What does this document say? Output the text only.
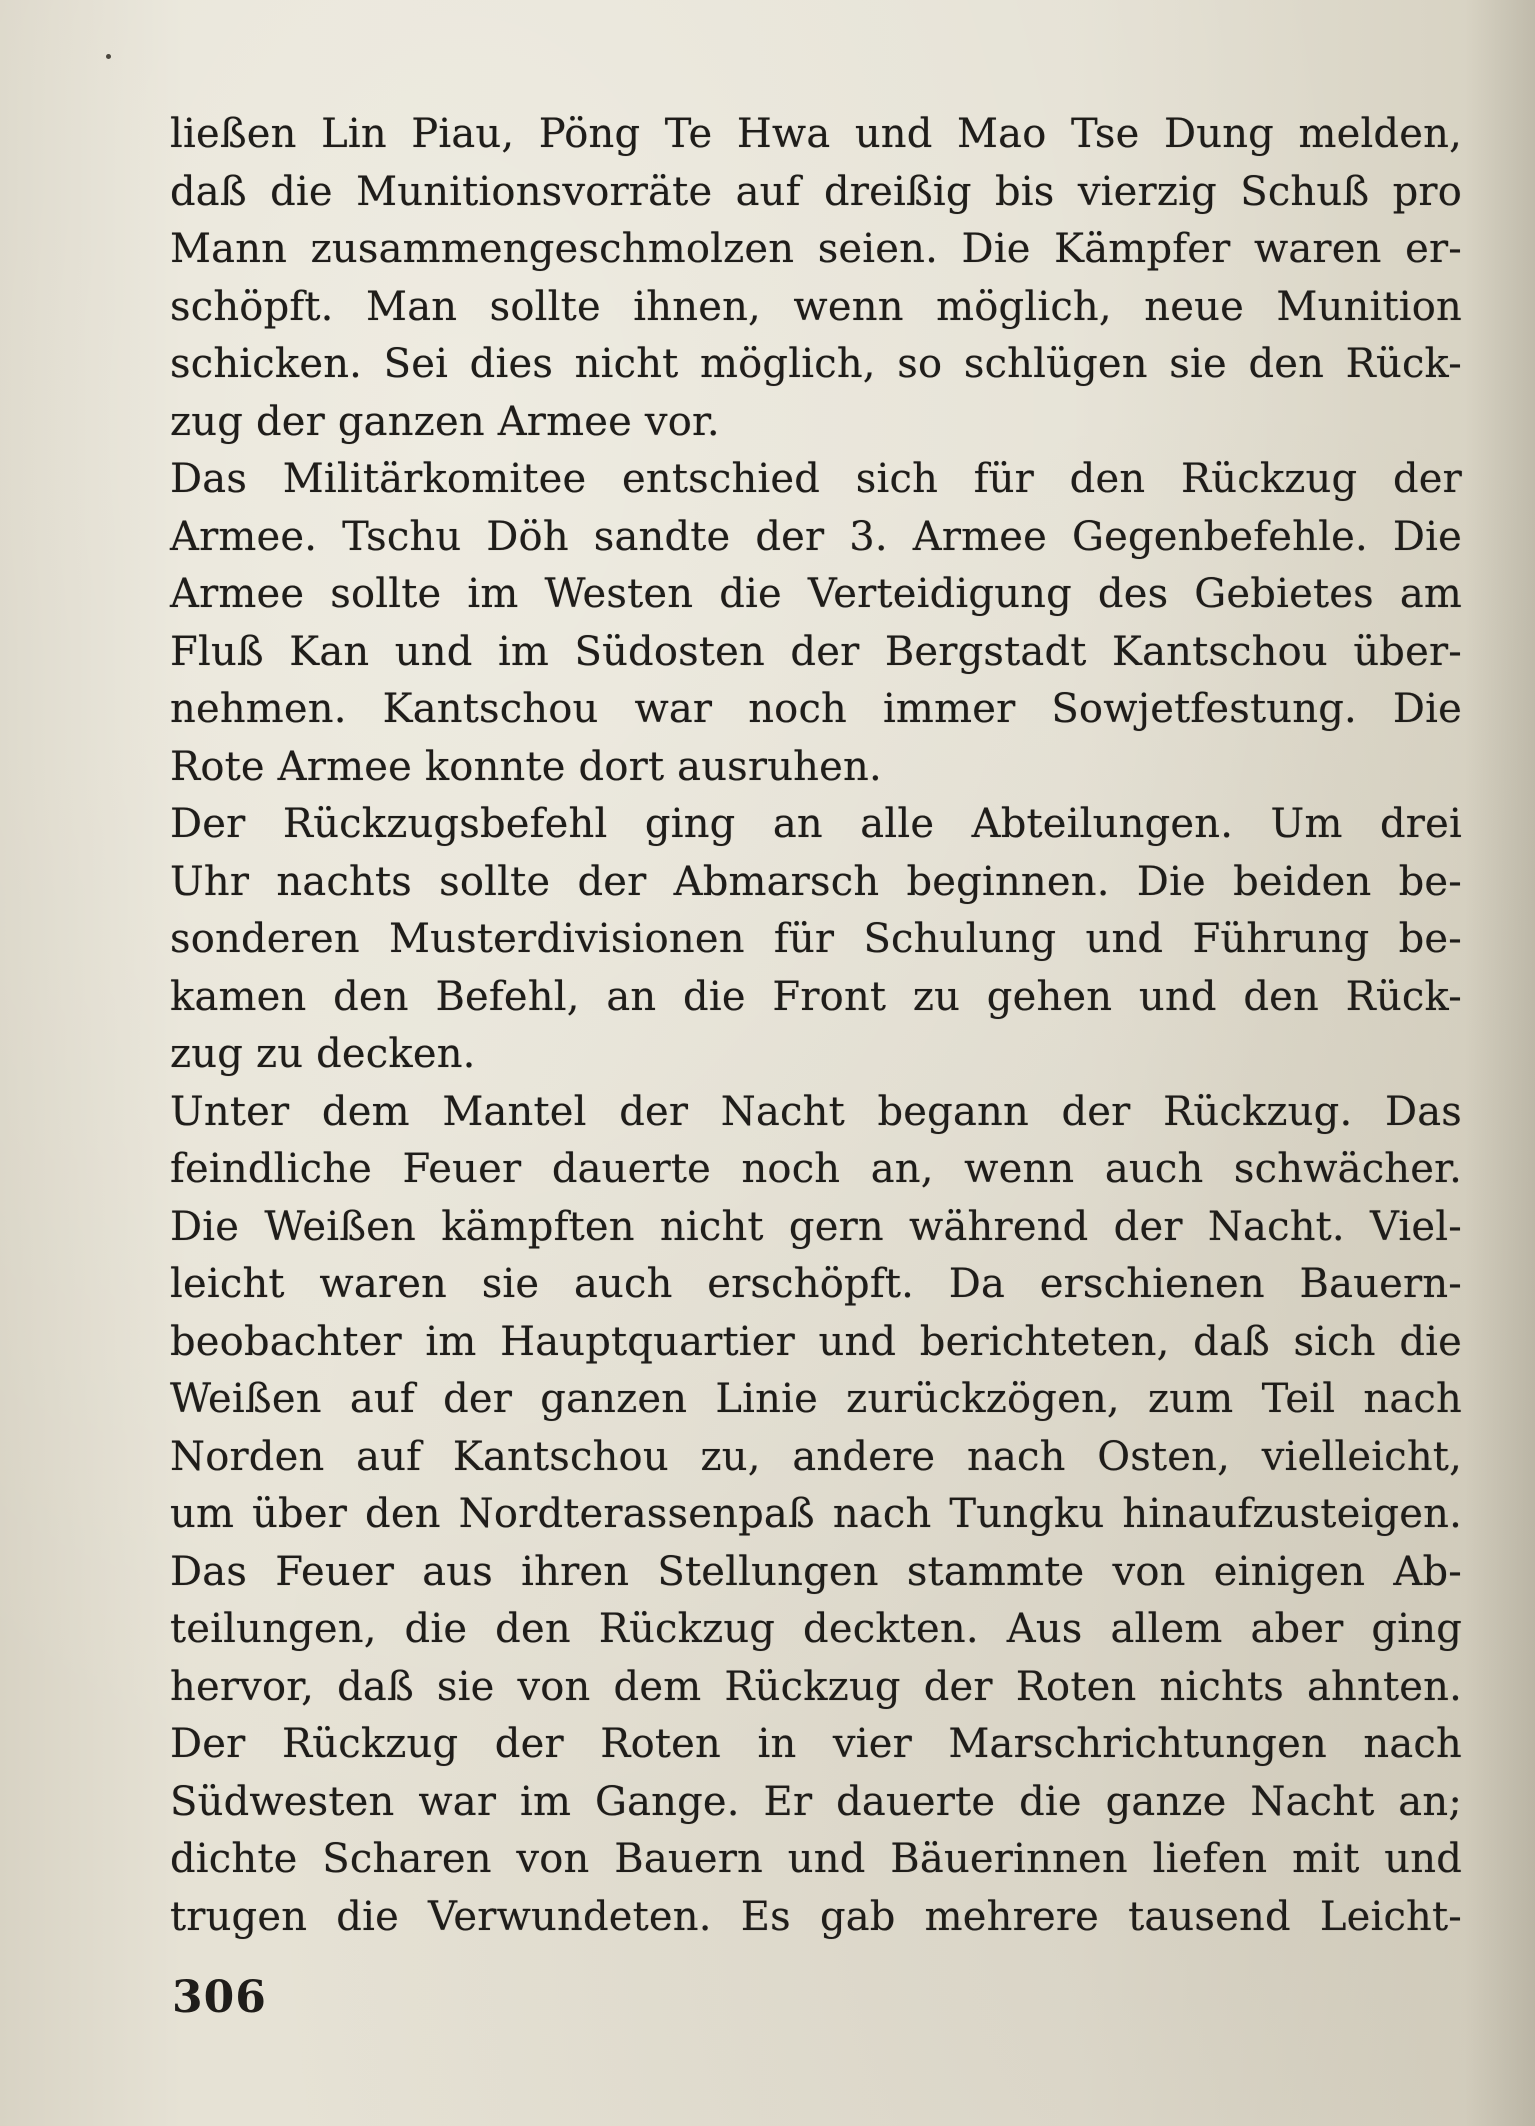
ließen Lin Piau, Pöng Te Hwa und Mao Tse Dung melden,
daß die Munitionsvorräte auf dreißig bis vierzig Schuß pro
Mann zusammengeschmolzen seien. Die Kämpfer waren er-
schöpft. Man sollte ihnen, wenn möglich, neue Munition
schicken. Sei dies nicht möglich, so schlügen sie den Rück-
zug der ganzen Armee vor.
Das Militärkomitee entschied sich für den Rückzug der
Armee. Tschu Döh sandte der 3. Armee Gegenbefehle. Die
Armee sollte im Westen die Verteidigung des Gebietes am
Fluß Kan und im Südosten der Bergstadt Kantschou über-
nehmen. Kantschou war noch immer Sowjetfestung. Die
Rote Armee konnte dort ausruhen.
Der Rückzugsbefehl ging an alle Abteilungen. Um drei
Uhr nachts sollte der Abmarsch beginnen. Die beiden be-
sonderen Musterdivisionen für Schulung und Führung be-
kamen den Befehl, an die Front zu gehen und den Rück-
zug zu decken.
Unter dem Mantel der Nacht begann der Rückzug. Das
feindliche Feuer dauerte noch an, wenn auch schwächer.
Die Weißen kämpften nicht gern während der Nacht. Viel-
leicht waren sie auch erschöpft. Da erschienen Bauern-
beobachter im Hauptquartier und berichteten, daß sich die
Weißen auf der ganzen Linie zurückzögen, zum Teil nach
Norden auf Kantschou zu, andere nach Osten, vielleicht,
um über den Nordterassenpaß nach Tungku hinaufzusteigen.
Das Feuer aus ihren Stellungen stammte von einigen Ab-
teilungen, die den Rückzug deckten. Aus allem aber ging
hervor, daß sie von dem Rückzug der Roten nichts ahnten.
Der Rückzug der Roten in vier Marschrichtungen nach
Südwesten war im Gange. Er dauerte die ganze Nacht an;
dichte Scharen von Bauern und Bäuerinnen liefen mit und
trugen die Verwundeten. Es gab mehrere tausend Leicht-
306
